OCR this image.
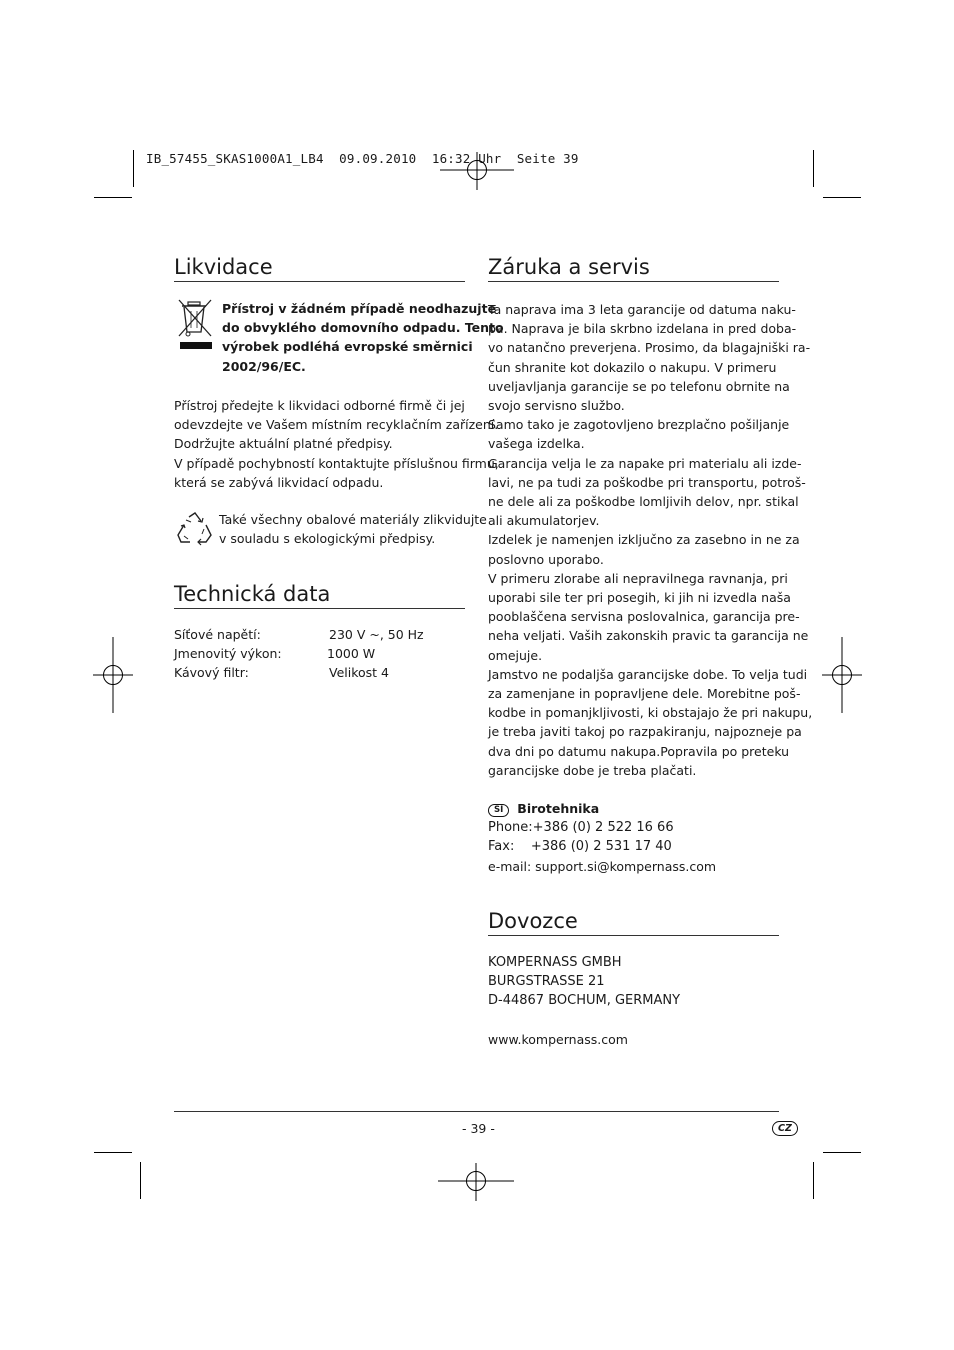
IB_57455_SKAS1000A1_LB4  09.09.2010  16:32 Uhr  Seite 39
Likvidace
Přístroj v žádném případě neodhazujte
do obvyklého domovního odpadu. Tento
výrobek podléhá evropské směrnici
2002/96/EC.
Přístroj předejte k likvidaci odborné firmě či jej
odevzdejte ve Vašem místním recyklačním zařízení.
Dodržujte aktuální platné předpisy.
V případě pochybností kontaktujte příslušnou firmu,
která se zabývá likvidací odpadu.
Také všechny obalové materiály zlikvidujte
v souladu s ekologickými předpisy.
Technická data
Síťové napětí:	230 V ~, 50 Hz
Jmenovitý výkon:	1000 W
Kávový filtr:	Velikost 4
Záruka a servis
Ta naprava ima 3 leta garancije od datuma naku-
pa. Naprava je bila skrbno izdelana in pred doba-
vo natančno preverjena. Prosimo, da blagajniški ra-
čun shranite kot dokazilo o nakupu. V primeru
uveljavljanja garancije se po telefonu obrnite na
svojo servisno službo.
Samo tako je zagotovljeno brezplačno pošiljanje
vašega izdelka.
Garancija velja le za napake pri materialu ali izde-
lavi, ne pa tudi za poškodbe pri transportu, potroš-
ne dele ali za poškodbe lomljivih delov, npr. stikal
ali akumulatorjev.
Izdelek je namenjen izključno za zasebno in ne za
poslovno uporabo.
V primeru zlorabe ali nepravilnega ravnanja, pri
uporabi sile ter pri posegih, ki jih ni izvedla naša
pooblaščena servisna poslovalnica, garancija pre-
neha veljati. Vaših zakonskih pravic ta garancija ne
omejuje.
Jamstvo ne podaljša garancijske dobe. To velja tudi
za zamenjane in popravljene dele. Morebitne poš-
kodbe in pomanjkljivosti, ki obstajajo že pri nakupu,
je treba javiti takoj po razpakiranju, najpozneje pa
dva dni po datumu nakupa.Popravila po preteku
garancijske dobe je treba plačati.
SI Birotehnika
Phone:+386 (0) 2 522 16 66
Fax:    +386 (0) 2 531 17 40
e-mail: support.si@kompernass.com
Dovozce
KOMPERNASS GMBH
BURGSTRASSE 21
D-44867 BOCHUM, GERMANY
www.kompernass.com
- 39 -	CZ
